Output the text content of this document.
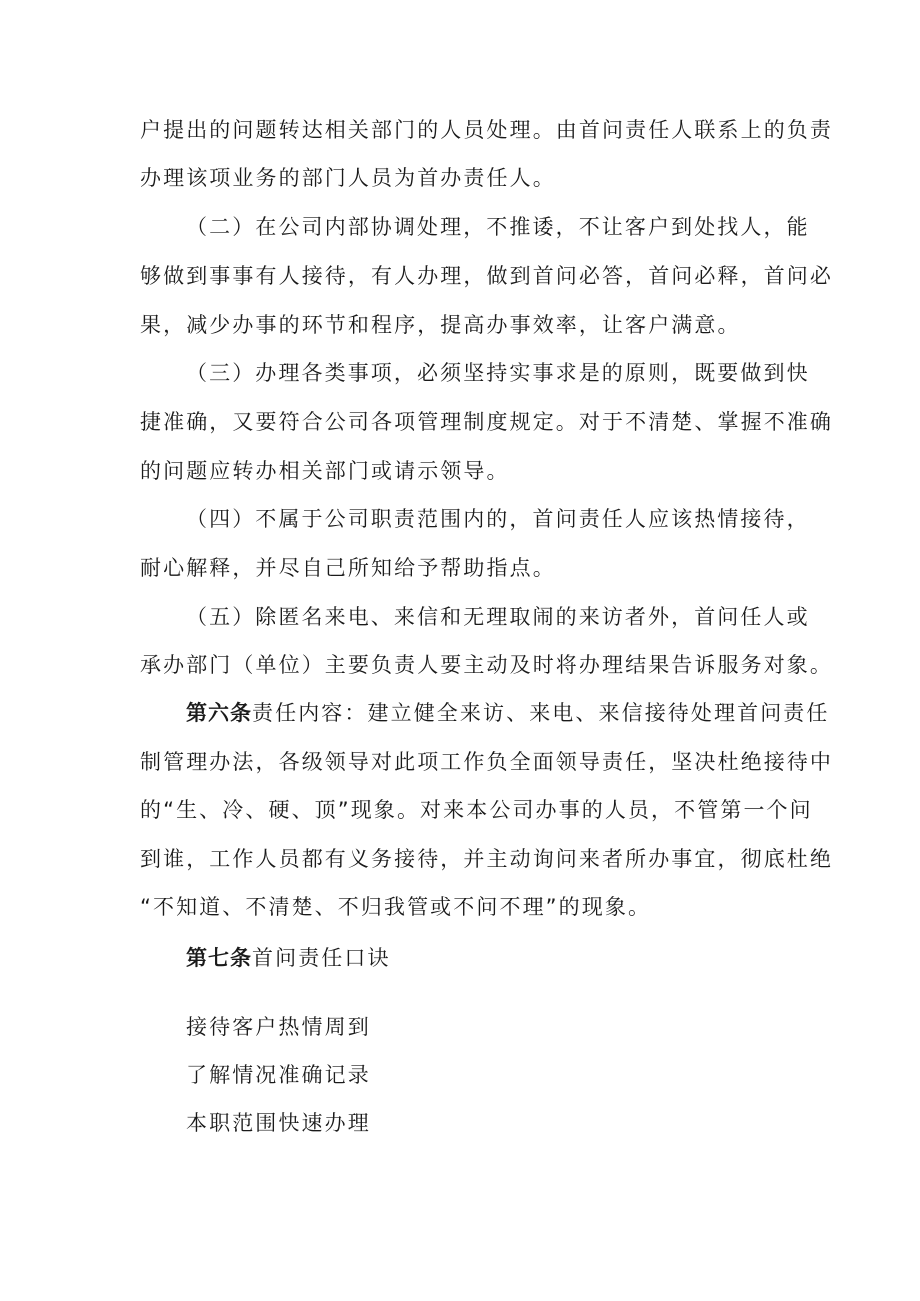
户提出的问题转达相关部门的人员处理。由首问责任人联系上的负责
办理该项业务的部门人员为首办责任人。
（二）在公司内部协调处理，不推诿，不让客户到处找人，能
够做到事事有人接待，有人办理，做到首问必答，首问必释，首问必
果，减少办事的环节和程序，提高办事效率，让客户满意。
（三）办理各类事项，必须坚持实事求是的原则，既要做到快
捷准确，又要符合公司各项管理制度规定。对于不清楚、掌握不准确
的问题应转办相关部门或请示领导。
（四）不属于公司职责范围内的，首问责任人应该热情接待，
耐心解释，并尽自己所知给予帮助指点。
（五）除匿名来电、来信和无理取闹的来访者外，首问任人或
承办部门（单位）主要负责人要主动及时将办理结果告诉服务对象。
第六条责任内容：建立健全来访、来电、来信接待处理首问责任
制管理办法，各级领导对此项工作负全面领导责任，坚决杜绝接待中
的“生、冷、硬、顶”现象。对来本公司办事的人员，不管第一个问
到谁，工作人员都有义务接待，并主动询问来者所办事宜，彻底杜绝
“不知道、不清楚、不归我管或不问不理”的现象。
第七条首问责任口诀
接待客户热情周到
了解情况准确记录
本职范围快速办理
